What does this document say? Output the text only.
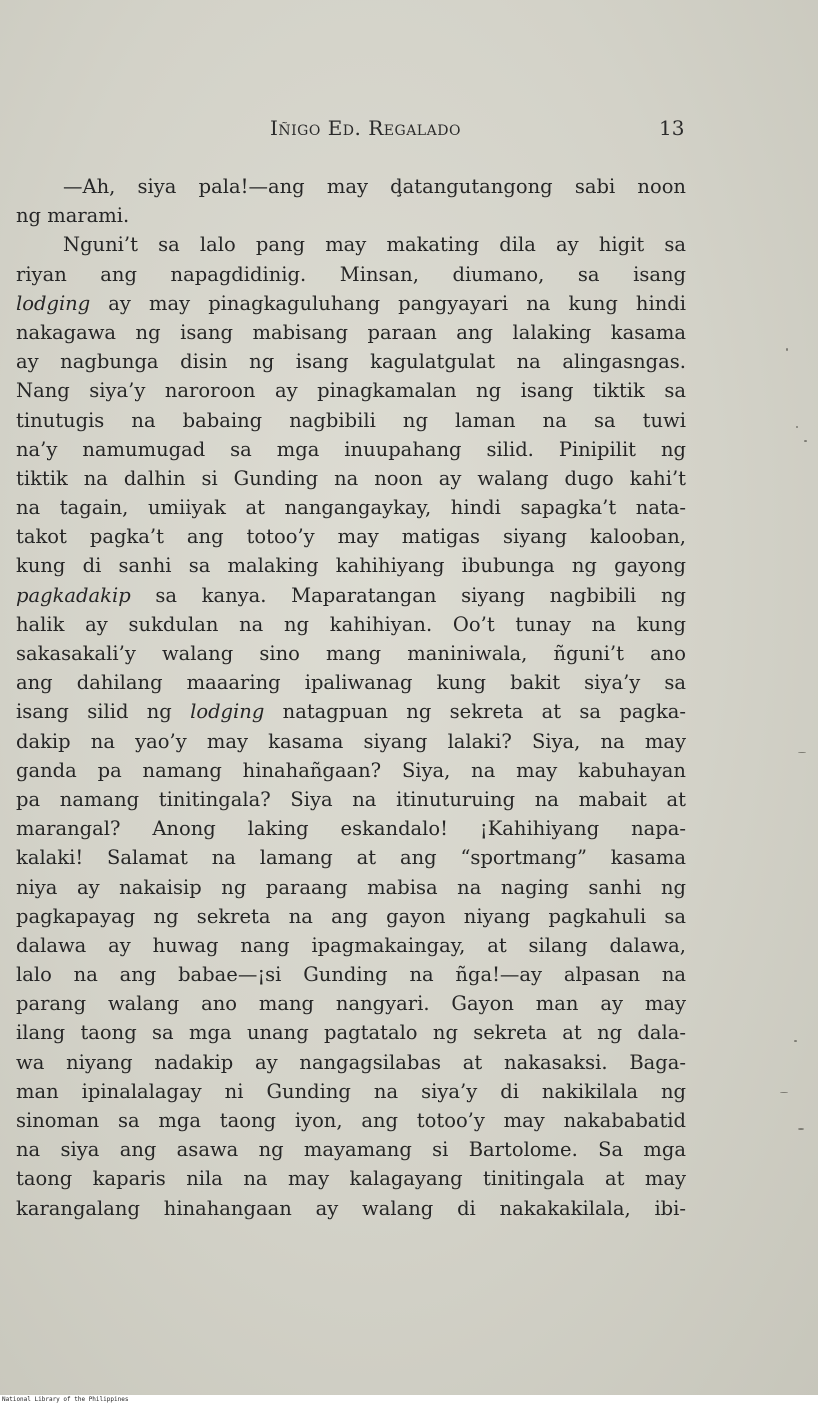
Iñigo Ed. Regalado	13
—Ah, siya pala!—ang may ḑatangutangong sabi noon
ng marami.
Nguni’t sa lalo pang may makating dila ay higit sa
riyan ang napagdidinig. Minsan, diumano, sa isang
lodging ay may pinagkaguluhang pangyayari na kung hindi
nakagawa ng isang mabisang paraan ang lalaking kasama
ay nagbunga disin ng isang kagulatgulat na alingasngas.
Nang siya’y naroroon ay pinagkamalan ng isang tiktik sa
tinutugis na babaing nagbibili ng laman na sa tuwi
na’y namumugad sa mga inuupahang silid. Pinipilit ng
tiktik na dalhin si Gunding na noon ay walang dugo kahi’t
na tagain, umiiyak at nangangaykay, hindi sapagka’t nata-
takot pagka’t ang totoo’y may matigas siyang kalooban,
kung di sanhi sa malaking kahihiyang ibubunga ng gayong
pagkadakip sa kanya. Maparatangan siyang nagbibili ng
halik ay sukdulan na ng kahihiyan. Oo’t tunay na kung
sakasakali’y walang sino mang maniniwala, ñguni’t ano
ang dahilang maaaring ipaliwanag kung bakit siya’y sa
isang silid ng lodging natagpuan ng sekreta at sa pagka-
dakip na yao’y may kasama siyang lalaki? Siya, na may
ganda pa namang hinahañgaan? Siya, na may kabuhayan
pa namang tinitingala? Siya na itinuturuing na mabait at
marangal? Anong laking eskandalo! ¡Kahihiyang napa-
kalaki! Salamat na lamang at ang “sportmang” kasama
niya ay nakaisip ng paraang mabisa na naging sanhi ng
pagkapayag ng sekreta na ang gayon niyang pagkahuli sa
dalawa ay huwag nang ipagmakaingay, at silang dalawa,
lalo na ang babae—¡si Gunding na ñga!—ay alpasan na
parang walang ano mang nangyari. Gayon man ay may
ilang taong sa mga unang pagtatalo ng sekreta at ng dala-
wa niyang nadakip ay nangagsilabas at nakasaksi. Baga-
man ipinalalagay ni Gunding na siya’y di nakikilala ng
sinoman sa mga taong iyon, ang totoo’y may nakababatid
na siya ang asawa ng mayamang si Bartolome. Sa mga
taong kaparis nila na may kalagayang tinitingala at may
karangalang hinahangaan ay walang di nakakakilala, ibi-
National Library of the Philippines
